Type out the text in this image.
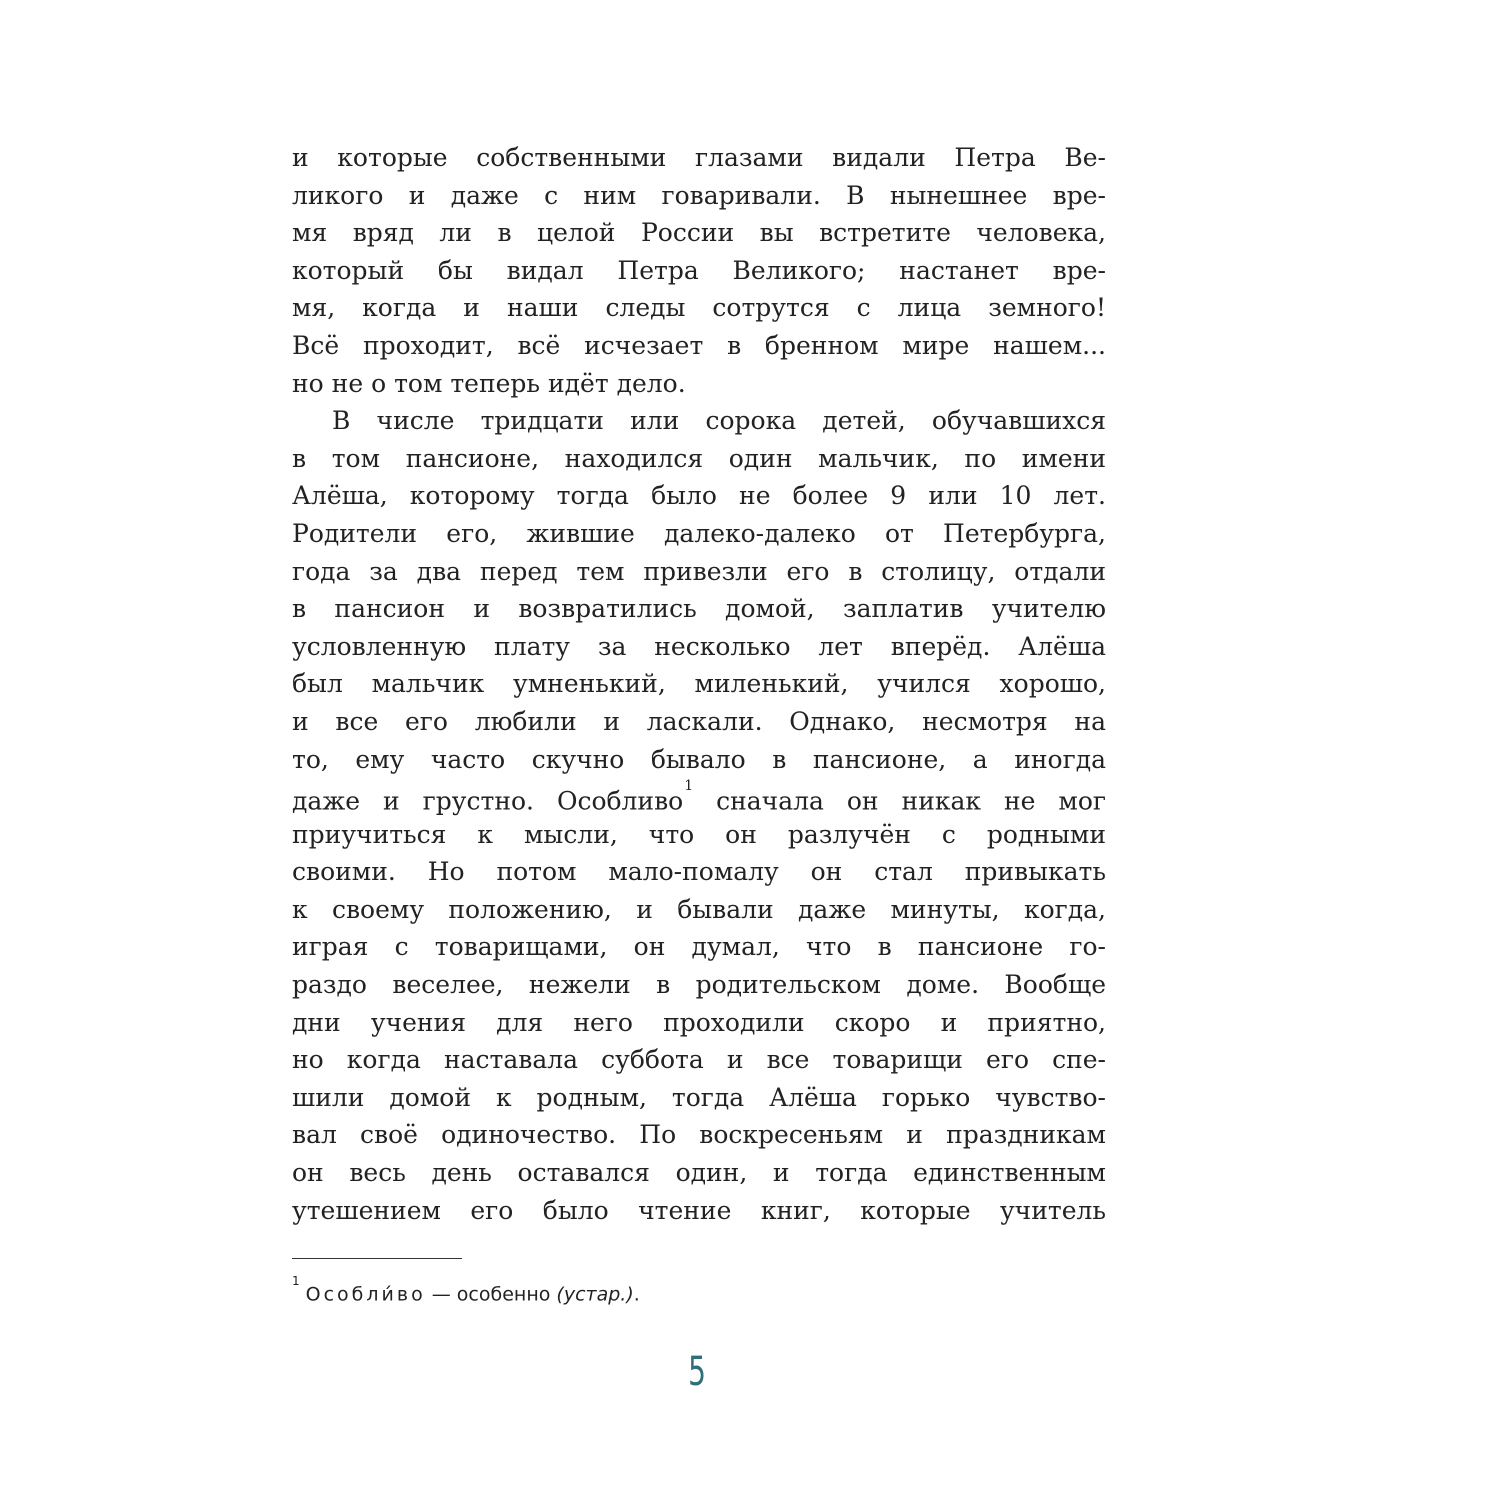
и которые собственными глазами видали Петра Ве-
ликого и даже с ним говаривали. В нынешнее вре-
мя вряд ли в целой России вы встретите человека,
который бы видал Петра Великого; настанет вре-
мя, когда и наши следы сотрутся с лица земного!
Всё проходит, всё исчезает в бренном мире нашем...
но не о том теперь идёт дело.
В числе тридцати или сорока детей, обучавшихся
в том пансионе, находился один мальчик, по имени
Алёша, которому тогда было не более 9 или 10 лет.
Родители его, жившие далеко-далеко от Петербурга,
года за два перед тем привезли его в столицу, отдали
в пансион и возвратились домой, заплатив учителю
условленную плату за несколько лет вперёд. Алёша
был мальчик умненький, миленький, учился хорошо,
и все его любили и ласкали. Однако, несмотря на
то, ему часто скучно бывало в пансионе, а иногда
даже и грустно. Особливо$^1$ сначала он никак не мог
приучиться к мысли, что он разлучён с родными
своими. Но потом мало-помалу он стал привыкать
к своему положению, и бывали даже минуты, когда,
играя с товарищами, он думал, что в пансионе го-
раздо веселее, нежели в родительском доме. Вообще
дни учения для него проходили скоро и приятно,
но когда наставала суббота и все товарищи его спе-
шили домой к родным, тогда Алёша горько чувство-
вал своё одиночество. По воскресеньям и праздникам
он весь день оставался один, и тогда единственным
утешением его было чтение книг, которые учитель
$^1$Особли́во — особенно (устар.).
5
